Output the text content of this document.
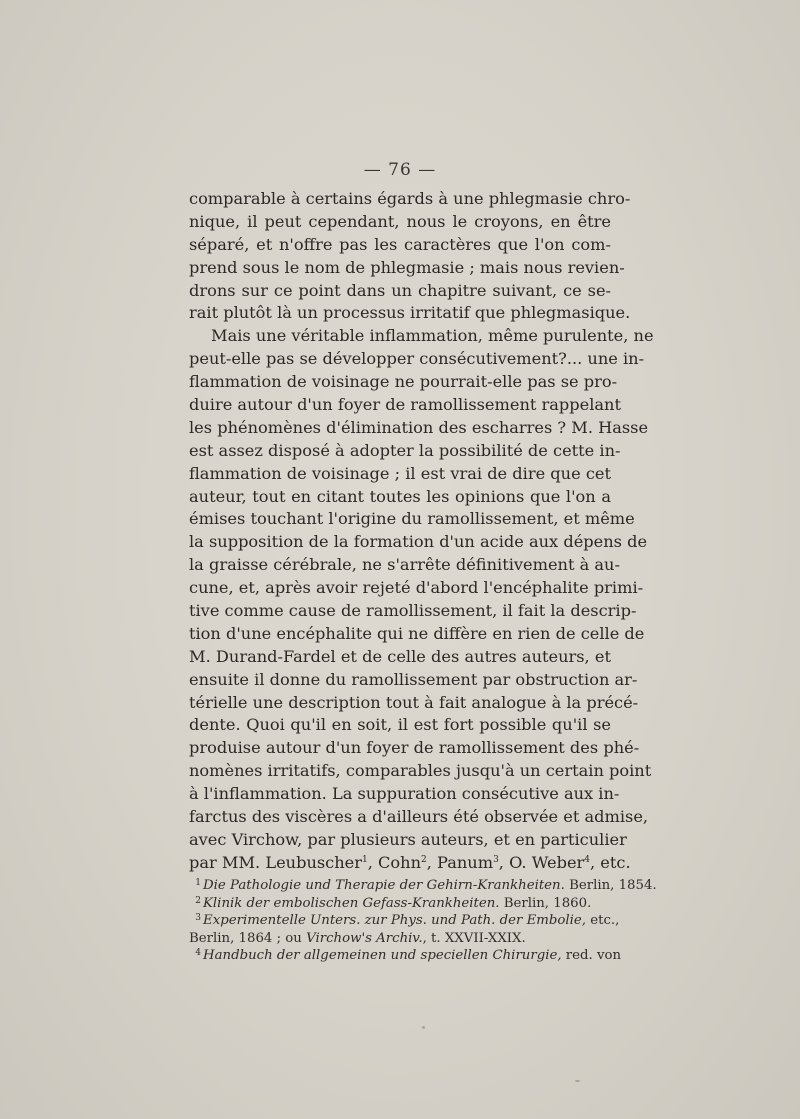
— 76 —
comparable à certains égards à une phlegmasie chro-
nique, il peut cependant, nous le croyons, en être
séparé, et n'offre pas les caractères que l'on com-
prend sous le nom de phlegmasie ; mais nous revien-
drons sur ce point dans un chapitre suivant, ce se-
rait plutôt là un processus irritatif que phlegmasique.
Mais une véritable inflammation, même purulente, ne
peut-elle pas se développer consécutivement?... une in-
flammation de voisinage ne pourrait-elle pas se pro-
duire autour d'un foyer de ramollissement rappelant
les phénomènes d'élimination des escharres ? M. Hasse
est assez disposé à adopter la possibilité de cette in-
flammation de voisinage ; il est vrai de dire que cet
auteur, tout en citant toutes les opinions que l'on a
émises touchant l'origine du ramollissement, et même
la supposition de la formation d'un acide aux dépens de
la graisse cérébrale, ne s'arrête définitivement à au-
cune, et, après avoir rejeté d'abord l'encéphalite primi-
tive comme cause de ramollissement, il fait la descrip-
tion d'une encéphalite qui ne diffère en rien de celle de
M. Durand-Fardel et de celle des autres auteurs, et
ensuite il donne du ramollissement par obstruction ar-
térielle une description tout à fait analogue à la précé-
dente. Quoi qu'il en soit, il est fort possible qu'il se
produise autour d'un foyer de ramollissement des phé-
nomènes irritatifs, comparables jusqu'à un certain point
à l'inflammation. La suppuration consécutive aux in-
farctus des viscères a d'ailleurs été observée et admise,
avec Virchow, par plusieurs auteurs, et en particulier
par MM. Leubuscher$^1$, Cohn$^2$, Panum$^3$, O. Weber$^4$, etc.
1 Die Pathologie und Therapie der Gehirn-Krankheiten. Berlin, 1854.
2 Klinik der embolischen Gefass-Krankheiten. Berlin, 1860.
3 Experimentelle Unters. zur Phys. und Path. der Embolie, etc.,
Berlin, 1864 ; ou Virchow's Archiv., t. XXVII-XXIX.
4 Handbuch der allgemeinen und speciellen Chirurgie, red. von
